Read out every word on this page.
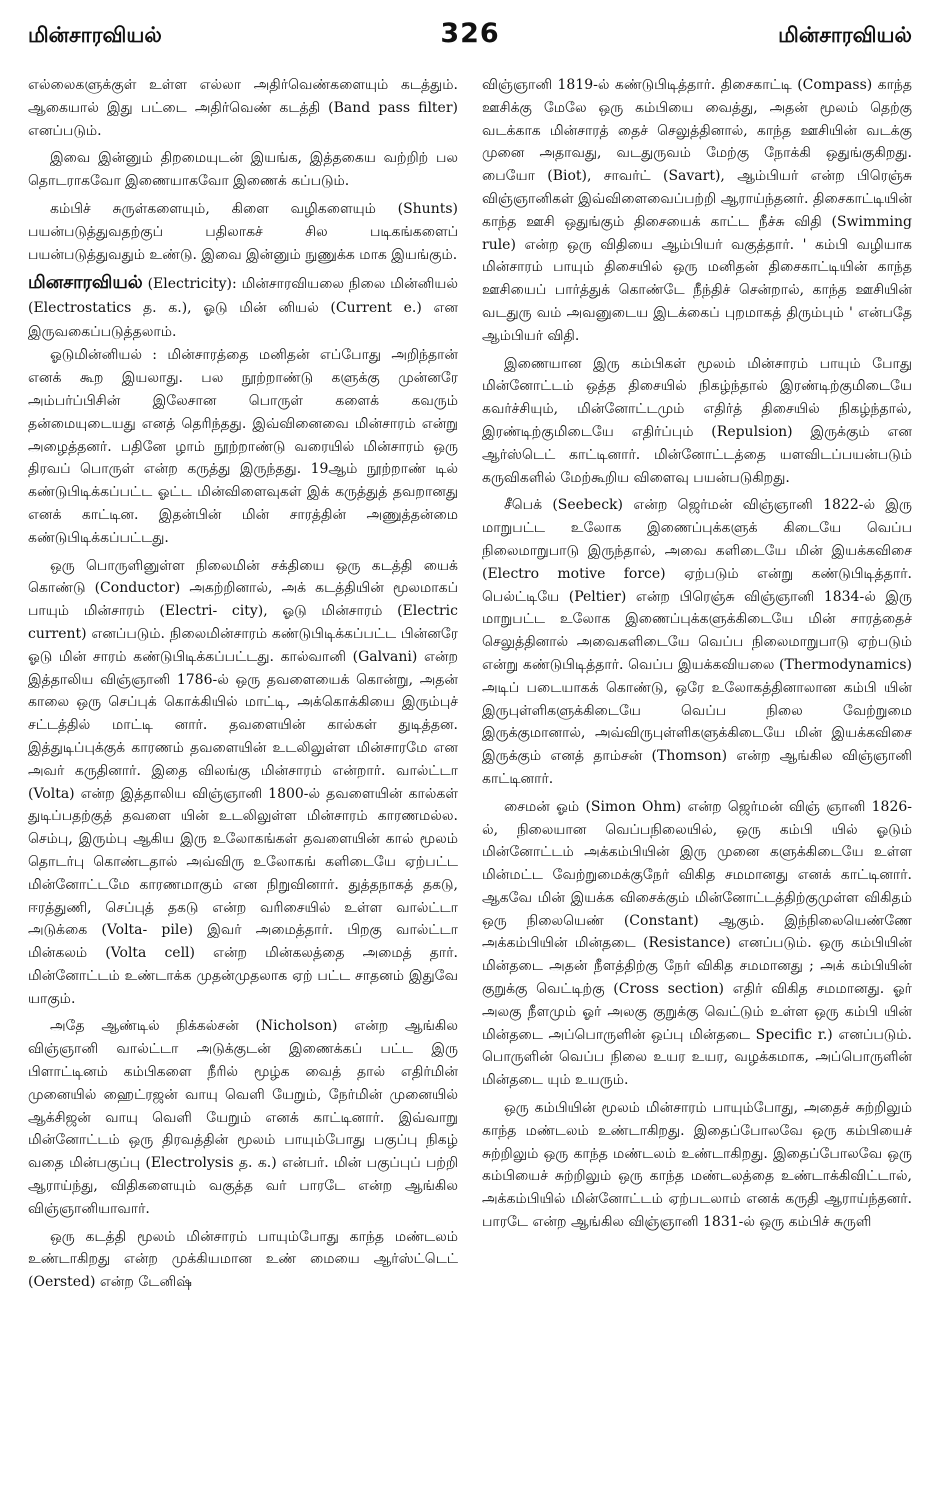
மின்சாரவியல்	326	மின்சாரவியல்

எல்லைகளுக்குள் உள்ள எல்லா அதிர்வெண்களையும் கடத்தும். ஆகையால் இது பட்டை அதிர்வெண் கடத்தி (Band pass filter) எனப்படும்.

இவை இன்னும் திறமையுடன் இயங்க, இத்தகைய வற்றிற் பல தொடராகவோ இணையாகவோ இணைக் கப்படும்.

கம்பிச் சுருள்களையும், கிளை வழிகளையும் (Shunts) பயன்படுத்துவதற்குப் பதிலாகச் சில படிகங்களைப் பயன்படுத்துவதும் உண்டு. இவை இன்னும் நுணுக்க மாக இயங்கும்.

மினசாரவியல் (Electricity): மின்சாரவியலை நிலை மின்னியல் (Electrostatics த. க.), ஓடு மின் னியல் (Current e.) என இருவகைப்படுத்தலாம்.

ஓடுமின்னியல் : மின்சாரத்தை மனிதன் எப்போது அறிந்தான் எனக் கூற இயலாது. பல நூற்றாண்டு களுக்கு முன்னரே அம்பர்ப்பிசின் இலேசான பொருள் களைக் கவரும் தன்மையுடையது எனத் தெரிந்தது. இவ்வினைவை மின்சாரம் என்று அழைத்தனர். பதினே ழாம் நூற்றாண்டு வரையில் மின்சாரம் ஒரு திரவப் பொருள் என்ற கருத்து இருந்தது. 19ஆம் நூற்றாண் டில் கண்டுபிடிக்கப்பட்ட ஓட்ட மின்விளைவுகள் இக் கருத்துத் தவறானது எனக் காட்டின. இதன்பின் மின் சாரத்தின் அணுத்தன்மை கண்டுபிடிக்கப்பட்டது.

ஒரு பொருளினுள்ள நிலைமின் சக்தியை ஒரு கடத்தி யைக் கொண்டு (Conductor) அகற்றினால், அக் கடத்தியின் மூலமாகப் பாயும் மின்சாரம் (Electri- city), ஓடு மின்சாரம் (Electric current) எனப்படும். நிலைமின்சாரம் கண்டுபிடிக்கப்பட்ட பின்னரே ஓடு மின் சாரம் கண்டுபிடிக்கப்பட்டது. கால்வானி (Galvani) என்ற இத்தாலிய விஞ்ஞானி 1786-ல் ஒரு தவளையைக் கொன்று, அதன் காலை ஒரு செப்புக் கொக்கியில் மாட்டி, அக்கொக்கியை இரும்புச் சட்டத்தில் மாட்டி னார். தவளையின் கால்கள் துடித்தன. இத்துடிப்புக்குக் காரணம் தவளையின் உடலிலுள்ள மின்சாரமே என அவர் கருதினார். இதை விலங்கு மின்சாரம் என்றார். வால்ட்டா (Volta) என்ற இத்தாலிய விஞ்ஞானி 1800-ல் தவளையின் கால்கள் துடிப்பதற்குத் தவளை யின் உடலிலுள்ள மின்சாரம் காரணமல்ல. செம்பு, இரும்பு ஆகிய இரு உலோகங்கள் தவளையின் கால் மூலம் தொடர்பு கொண்டதால் அவ்விரு உலோகங் களிடையே ஏற்பட்ட மின்னோட்டமே காரணமாகும் என நிறுவினார். துத்தநாகத் தகடு, ஈரத்துணி, செப்புத் தகடு என்ற வரிசையில் உள்ள வால்ட்டா அடுக்கை (Volta- pile) இவர் அமைத்தார். பிறகு வால்ட்டா மின்கலம் (Volta cell) என்ற மின்கலத்தை அமைத் தார். மின்னோட்டம் உண்டாக்க முதன்முதலாக ஏற் பட்ட சாதனம் இதுவே யாகும்.

அதே ஆண்டில் நிக்கல்சன் (Nicholson) என்ற ஆங்கில விஞ்ஞானி வால்ட்டா அடுக்குடன் இணைக்கப் பட்ட இரு பிளாட்டினம் கம்பிகளை நீரில் மூழ்க வைத் தால் எதிர்மின் முனையில் ஹைட்ரஜன் வாயு வெளி யேறும், நேர்மின் முனையில் ஆக்சிஜன் வாயு வெளி யேறும் எனக் காட்டினார். இவ்வாறு மின்னோட்டம் ஒரு திரவத்தின் மூலம் பாயும்போது பகுப்பு நிகழ் வதை மின்பகுப்பு (Electrolysis த. க.) என்பர். மின் பகுப்புப் பற்றி ஆராய்ந்து, விதிகளையும் வகுத்த வர் பாரடே என்ற ஆங்கில விஞ்ஞானியாவார்.

ஒரு கடத்தி மூலம் மின்சாரம் பாயும்போது காந்த மண்டலம் உண்டாகிறது என்ற முக்கியமான உண் மையை ஆர்ஸ்ட்டெட் (Oersted) என்ற டேனிஷ்

விஞ்ஞானி 1819-ல் கண்டுபிடித்தார். திசைகாட்டி (Compass) காந்த ஊசிக்கு மேலே ஒரு கம்பியை வைத்து, அதன் மூலம் தெற்கு வடக்காக மின்சாரத் தைச் செலுத்தினால், காந்த ஊசியின் வடக்கு முனை அதாவது, வடதுருவம் மேற்கு நோக்கி ஒதுங்குகிறது. பையோ (Biot), சாவர்ட் (Savart), ஆம்பியர் என்ற பிரெஞ்சு விஞ்ஞானிகள் இவ்விளைவைப்பற்றி ஆராய்ந்தனர். திசைகாட்டியின் காந்த ஊசி ஒதுங்கும் திசையைக் காட்ட நீச்சு விதி (Swimming rule) என்ற ஒரு விதியை ஆம்பியர் வகுத்தார். ' கம்பி வழியாக மின்சாரம் பாயும் திசையில் ஒரு மனிதன் திசைகாட்டியின் காந்த ஊசியைப் பார்த்துக் கொண்டே நீந்திச் சென்றால், காந்த ஊசியின் வடதுரு வம் அவனுடைய இடக்கைப் புறமாகத் திரும்பும் ' என்பதே ஆம்பியர் விதி.

இணையான இரு கம்பிகள் மூலம் மின்சாரம் பாயும் போது மின்னோட்டம் ஒத்த திசையில் நிகழ்ந்தால் இரண்டிற்குமிடையே கவர்ச்சியும், மின்னோட்டமும் எதிர்த் திசையில் நிகழ்ந்தால், இரண்டிற்குமிடையே எதிர்ப்பும் (Repulsion) இருக்கும் என ஆர்ஸ்டெட் காட்டினார். மின்னோட்டத்தை யளவிடப்பயன்படும் கருவிகளில் மேற்கூறிய விளைவு பயன்படுகிறது.

சீபெக் (Seebeck) என்ற ஜெர்மன் விஞ்ஞானி 1822-ல் இரு மாறுபட்ட உலோக இணைப்புக்களுக் கிடையே வெப்ப நிலைமாறுபாடு இருந்தால், அவை களிடையே மின் இயக்கவிசை (Electro motive force) ஏற்படும் என்று கண்டுபிடித்தார். பெல்ட்டியே (Peltier) என்ற பிரெஞ்சு விஞ்ஞானி 1834-ல் இரு மாறுபட்ட உலோக இணைப்புக்களுக்கிடையே மின் சாரத்தைச் செலுத்தினால் அவைகளிடையே வெப்ப நிலைமாறுபாடு ஏற்படும் என்று கண்டுபிடித்தார். வெப்ப இயக்கவியலை (Thermodynamics) அடிப் படையாகக் கொண்டு, ஒரே உலோகத்தினாலான கம்பி யின் இருபுள்ளிகளுக்கிடையே வெப்ப நிலை வேற்றுமை இருக்குமானால், அவ்விருபுள்ளிகளுக்கிடையே மின் இயக்கவிசை இருக்கும் எனத் தாம்சன் (Thomson) என்ற ஆங்கில விஞ்ஞானி காட்டினார்.

சைமன் ஓம் (Simon Ohm) என்ற ஜெர்மன் விஞ் ஞானி 1826-ல், நிலையான வெப்பநிலையில், ஒரு கம்பி யில் ஓடும் மின்னோட்டம் அக்கம்பியின் இரு முனை களுக்கிடையே உள்ள மின்மட்ட வேற்றுமைக்குநேர் விகித சமமானது எனக் காட்டினார். ஆகவே மின் இயக்க விசைக்கும் மின்னோட்டத்திற்குமுள்ள விகிதம் ஒரு நிலையெண் (Constant) ஆகும். இந்நிலையெண்ணே அக்கம்பியின் மின்தடை (Resistance) எனப்படும். ஒரு கம்பியின் மின்தடை அதன் நீளத்திற்கு நேர் விகித சமமானது ; அக் கம்பியின் குறுக்கு வெட்டிற்கு (Cross section) எதிர் விகித சமமானது. ஓர் அலகு நீளமும் ஓர் அலகு குறுக்கு வெட்டும் உள்ள ஒரு கம்பி யின் மின்தடை அப்பொருளின் ஒப்பு மின்தடை Specific r.) எனப்படும். பொருளின் வெப்ப நிலை உயர உயர, வழக்கமாக, அப்பொருளின் மின்தடை யும் உயரும்.

ஒரு கம்பியின் மூலம் மின்சாரம் பாயும்போது, அதைச் சுற்றிலும் காந்த மண்டலம் உண்டாகிறது. இதைப்போலவே ஒரு கம்பியைச் சுற்றிலும் ஒரு காந்த மண்டலம் உண்டாகிறது. இதைப்போலவே ஒரு கம்பியைச் சுற்றிலும் ஒரு காந்த மண்டலத்தை உண்டாக்கிவிட்டால், அக்கம்பியில் மின்னோட்டம் ஏற்படலாம் எனக் கருதி ஆராய்ந்தனர். பாரடே என்ற ஆங்கில விஞ்ஞானி 1831-ல் ஒரு கம்பிச் சுருளி
